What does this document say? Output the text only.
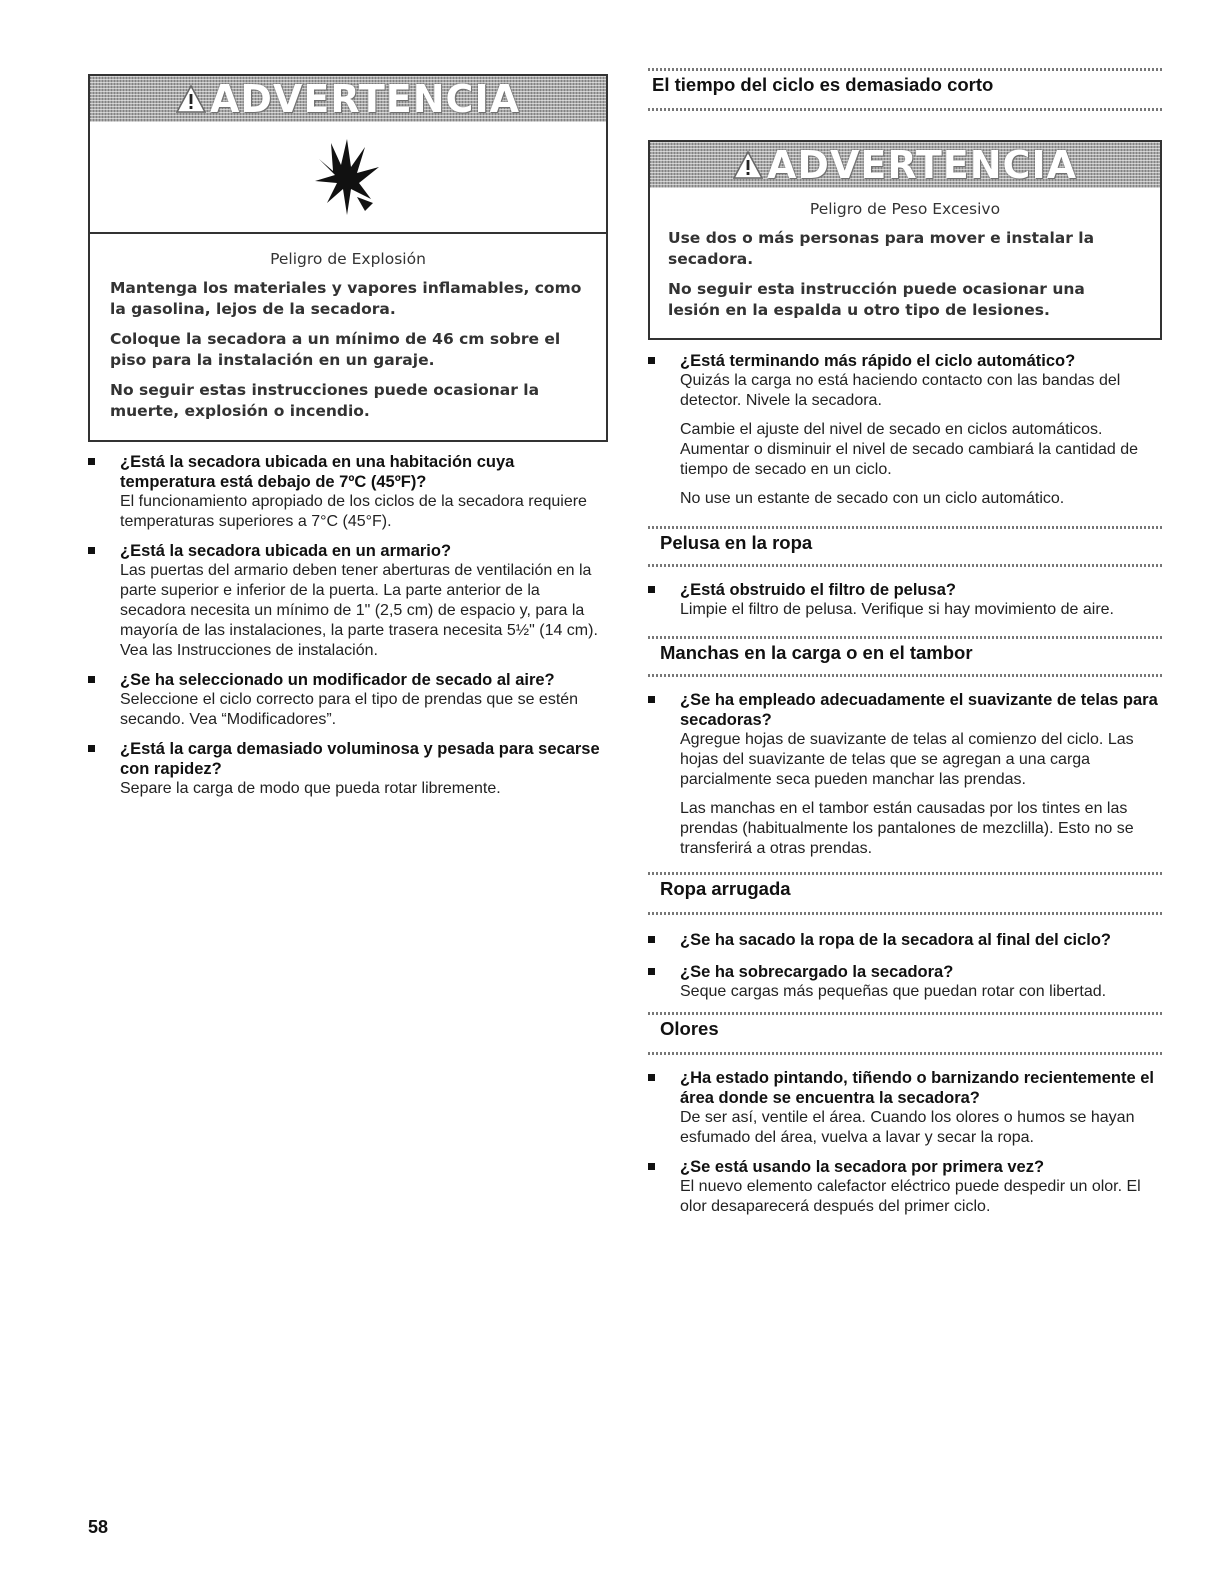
ADVERTENCIA
Peligro de Explosión

Mantenga los materiales y vapores inflamables, como la gasolina, lejos de la secadora.

Coloque la secadora a un mínimo de 46 cm sobre el piso para la instalación en un garaje.

No seguir estas instrucciones puede ocasionar la muerte, explosión o incendio.

¿Está la secadora ubicada en una habitación cuya temperatura está debajo de 7ºC (45ºF)?
El funcionamiento apropiado de los ciclos de la secadora requiere temperaturas superiores a 7°C (45°F).
¿Está la secadora ubicada en un armario?
Las puertas del armario deben tener aberturas de ventilación en la parte superior e inferior de la puerta. La parte anterior de la secadora necesita un mínimo de 1" (2,5 cm) de espacio y, para la mayoría de las instalaciones, la parte trasera necesita 5½" (14 cm). Vea las Instrucciones de instalación.
¿Se ha seleccionado un modificador de secado al aire?
Seleccione el ciclo correcto para el tipo de prendas que se estén secando. Vea “Modificadores”.
¿Está la carga demasiado voluminosa y pesada para secarse con rapidez?
Separe la carga de modo que pueda rotar libremente.
El tiempo del ciclo es demasiado corto
ADVERTENCIA
Peligro de Peso Excesivo

Use dos o más personas para mover e instalar la secadora.

No seguir esta instrucción puede ocasionar una lesión en la espalda u otro tipo de lesiones.

¿Está terminando más rápido el ciclo automático?
Quizás la carga no está haciendo contacto con las bandas del detector. Nivele la secadora.

Cambie el ajuste del nivel de secado en ciclos automáticos. Aumentar o disminuir el nivel de secado cambiará la cantidad de tiempo de secado en un ciclo.

No use un estante de secado con un ciclo automático.

Pelusa en la ropa
¿Está obstruido el filtro de pelusa?
Limpie el filtro de pelusa. Verifique si hay movimiento de aire.
Manchas en la carga o en el tambor
¿Se ha empleado adecuadamente el suavizante de telas para secadoras?
Agregue hojas de suavizante de telas al comienzo del ciclo. Las hojas del suavizante de telas que se agregan a una carga parcialmente seca pueden manchar las prendas.

Las manchas en el tambor están causadas por los tintes en las prendas (habitualmente los pantalones de mezclilla). Esto no se transferirá a otras prendas.

Ropa arrugada
¿Se ha sacado la ropa de la secadora al final del ciclo?
¿Se ha sobrecargado la secadora?
Seque cargas más pequeñas que puedan rotar con libertad.
Olores
¿Ha estado pintando, tiñendo o barnizando recientemente el área donde se encuentra la secadora?
De ser así, ventile el área. Cuando los olores o humos se hayan esfumado del área, vuelva a lavar y secar la ropa.
¿Se está usando la secadora por primera vez?
El nuevo elemento calefactor eléctrico puede despedir un olor. El olor desaparecerá después del primer ciclo.
58
